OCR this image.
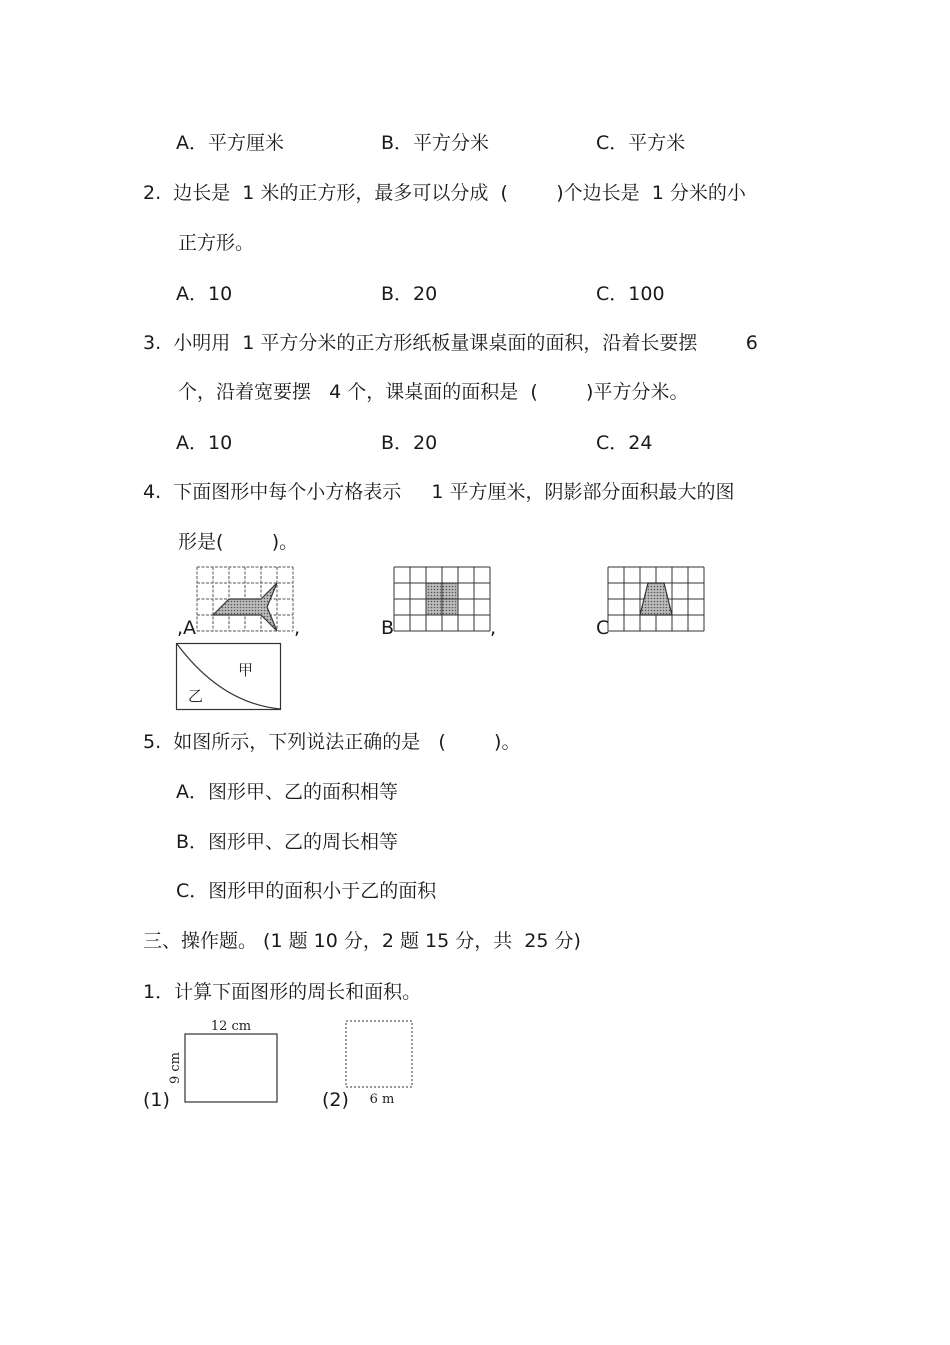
A．平方厘米	B．平方分米	C．平方米
2.  边长是  1 米的正方形，最多可以分成  (        )个边长是  1 分米的小
正方形。
A．10	B．20	C．100
3.  小明用  1 平方分米的正方形纸板量课桌面的面积，沿着长要摆        6
个，沿着宽要摆   4 个，课桌面的面积是  (        )平方分米。
A．10	B．20	C．24
4.  下面图形中每个小方格表示     1 平方厘米，阴影部分面积最大的图
形是(        )。
,A	,	B	,	C
甲
乙
5.  如图所示，下列说法正确的是   (        )。
A．图形甲、乙的面积相等
B．图形甲、乙的周长相等
C．图形甲的面积小于乙的面积
三、操作题。 (1 题 10 分，2 题 15 分，共  25 分)
1．计算下面图形的周长和面积。
(1)
12 cm
9 cm
(2) 6 m
